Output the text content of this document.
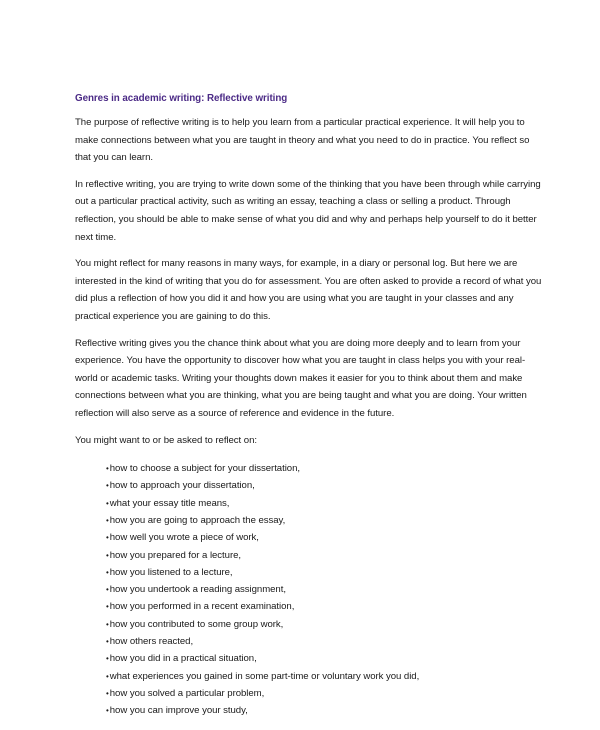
Genres in academic writing: Reflective writing

The purpose of reflective writing is to help you learn from a particular practical experience. It will help you to make connections between what you are taught in theory and what you need to do in practice. You reflect so that you can learn.

In reflective writing, you are trying to write down some of the thinking that you have been through while carrying out a particular practical activity, such as writing an essay, teaching a class or selling a product. Through reflection, you should be able to make sense of what you did and why and perhaps help yourself to do it better next time.

You might reflect for many reasons in many ways, for example, in a diary or personal log. But here we are interested in the kind of writing that you do for assessment. You are often asked to provide a record of what you did plus a reflection of how you did it and how you are using what you are taught in your classes and any practical experience you are gaining to do this.

Reflective writing gives you the chance think about what you are doing more deeply and to learn from your experience. You have the opportunity to discover how what you are taught in class helps you with your real-world or academic tasks. Writing your thoughts down makes it easier for you to think about them and make connections between what you are thinking, what you are being taught and what you are doing. Your written reflection will also serve as a source of reference and evidence in the future.

You might want to or be asked to reflect on:

• how to choose a subject for your dissertation,
• how to approach your dissertation,
• what your essay title means,
• how you are going to approach the essay,
• how well you wrote a piece of work,
• how you prepared for a lecture,
• how you listened to a lecture,
• how you undertook a reading assignment,
• how you performed in a recent examination,
• how you contributed to some group work,
• how others reacted,
• how you did in a practical situation,
• what experiences you gained in some part-time or voluntary work you did,
• how you solved a particular problem,
• how you can improve your study,
